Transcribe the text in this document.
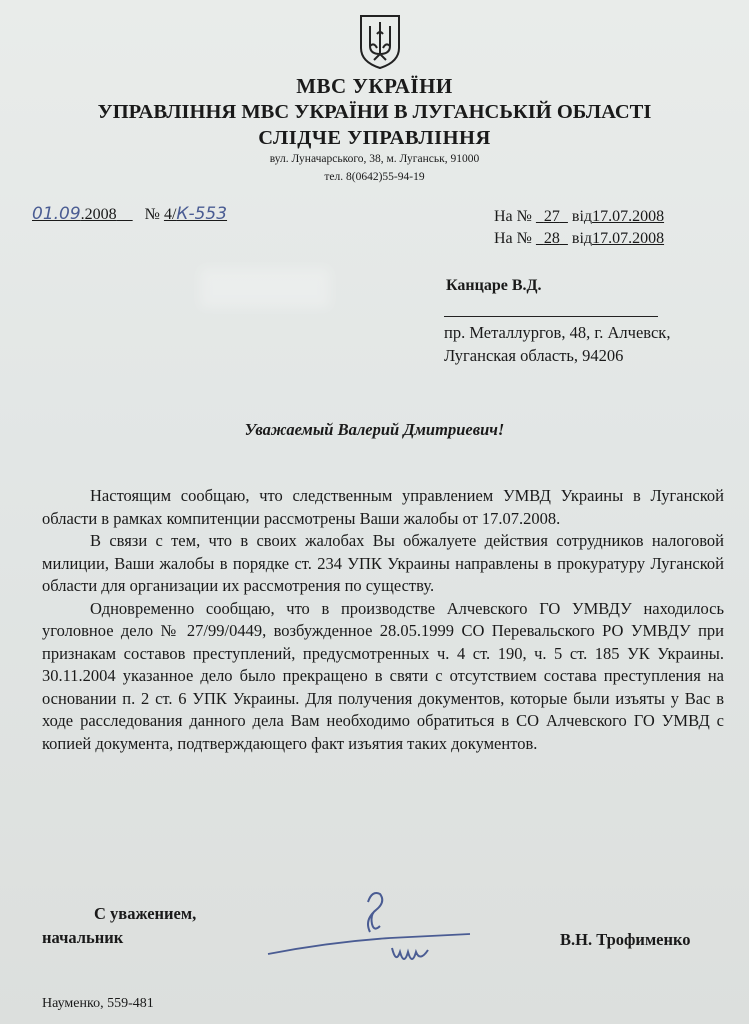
МВС УКРАЇНИ
УПРАВЛІННЯ МВС УКРАЇНИ В ЛУГАНСЬКІЙ ОБЛАСТІ
СЛІДЧЕ УПРАВЛІННЯ
вул. Луначарського, 38, м. Луганськ, 91000
тел. 8(0642)55-94-19
01.09.2008 № 4/К-553	На № 27 від17.07.2008
На № 28 від17.07.2008
Канцаре В.Д.
пр. Металлургов, 48, г. Алчевск,
Луганская область, 94206
Уважаемый Валерий Дмитриевич!

Настоящим сообщаю, что следственным управлением УМВД Украины в Луганской области в рамках компитенции рассмотрены Ваши жалобы от 17.07.2008.

В связи с тем, что в своих жалобах Вы обжалуете действия сотрудников налоговой милиции, Ваши жалобы в порядке ст. 234 УПК Украины направлены в прокуратуру Луганской области для организации их рассмотрения по существу.

Одновременно сообщаю, что в производстве Алчевского ГО УМВДУ находилось уголовное дело № 27/99/0449, возбужденное 28.05.1999 СО Перевальского РО УМВДУ при признакам составов преступлений, предусмотренных ч. 4 ст. 190, ч. 5 ст. 185 УК Украины. 30.11.2004 указанное дело было прекращено в святи с отсутствием состава преступления на основании п. 2 ст. 6 УПК Украины. Для получения документов, которые были изъяты у Вас в ходе расследования данного дела Вам необходимо обратиться в СО Алчевского ГО УМВД с копией документа, подтверждающего факт изъятия таких документов.

С уважением,
начальник	В.Н. Трофименко
Науменко, 559-481
